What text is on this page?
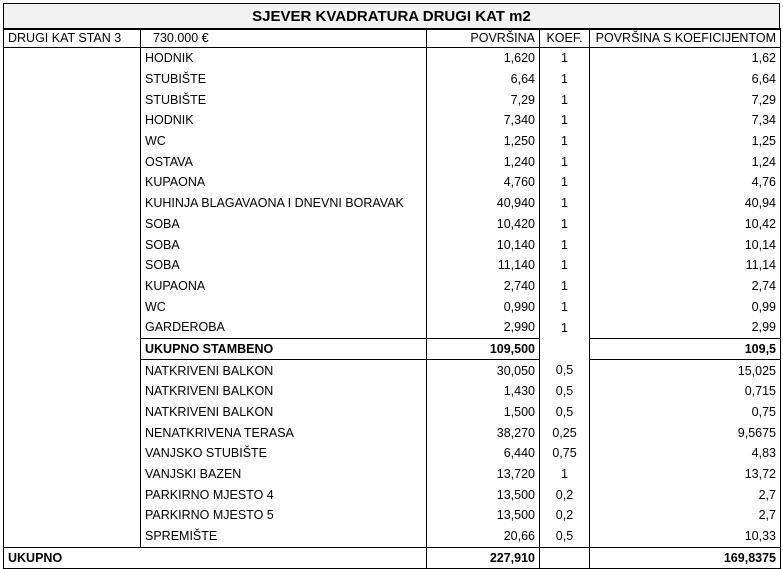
SJEVER KVADRATURA DRUGI KAT m2
DRUGI KAT STAN 3	730.000 €	POVRŠINA	KOEF.	POVRŠINA S KOEFICIJENTOM
	HODNIK	1,620	1	1,62
	STUBIŠTE	6,64	1	6,64
	STUBIŠTE	7,29	1	7,29
	HODNIK	7,340	1	7,34
	WC	1,250	1	1,25
	OSTAVA	1,240	1	1,24
	KUPAONA	4,760	1	4,76
	KUHINJA BLAGAVAONA I DNEVNI BORAVAK	40,940	1	40,94
	SOBA	10,420	1	10,42
	SOBA	10,140	1	10,14
	SOBA	11,140	1	11,14
	KUPAONA	2,740	1	2,74
	WC	0,990	1	0,99
	GARDEROBA	2,990	1	2,99
	UKUPNO STAMBENO	109,500		109,5
	NATKRIVENI BALKON	30,050	0,5	15,025
	NATKRIVENI BALKON	1,430	0,5	0,715
	NATKRIVENI BALKON	1,500	0,5	0,75
	NENATKRIVENA TERASA	38,270	0,25	9,5675
	VANJSKO STUBIŠTE	6,440	0,75	4,83
	VANJSKI BAZEN	13,720	1	13,72
	PARKIRNO MJESTO 4	13,500	0,2	2,7
	PARKIRNO MJESTO 5	13,500	0,2	2,7
	SPREMIŠTE	20,66	0,5	10,33
UKUPNO		227,910		169,8375
